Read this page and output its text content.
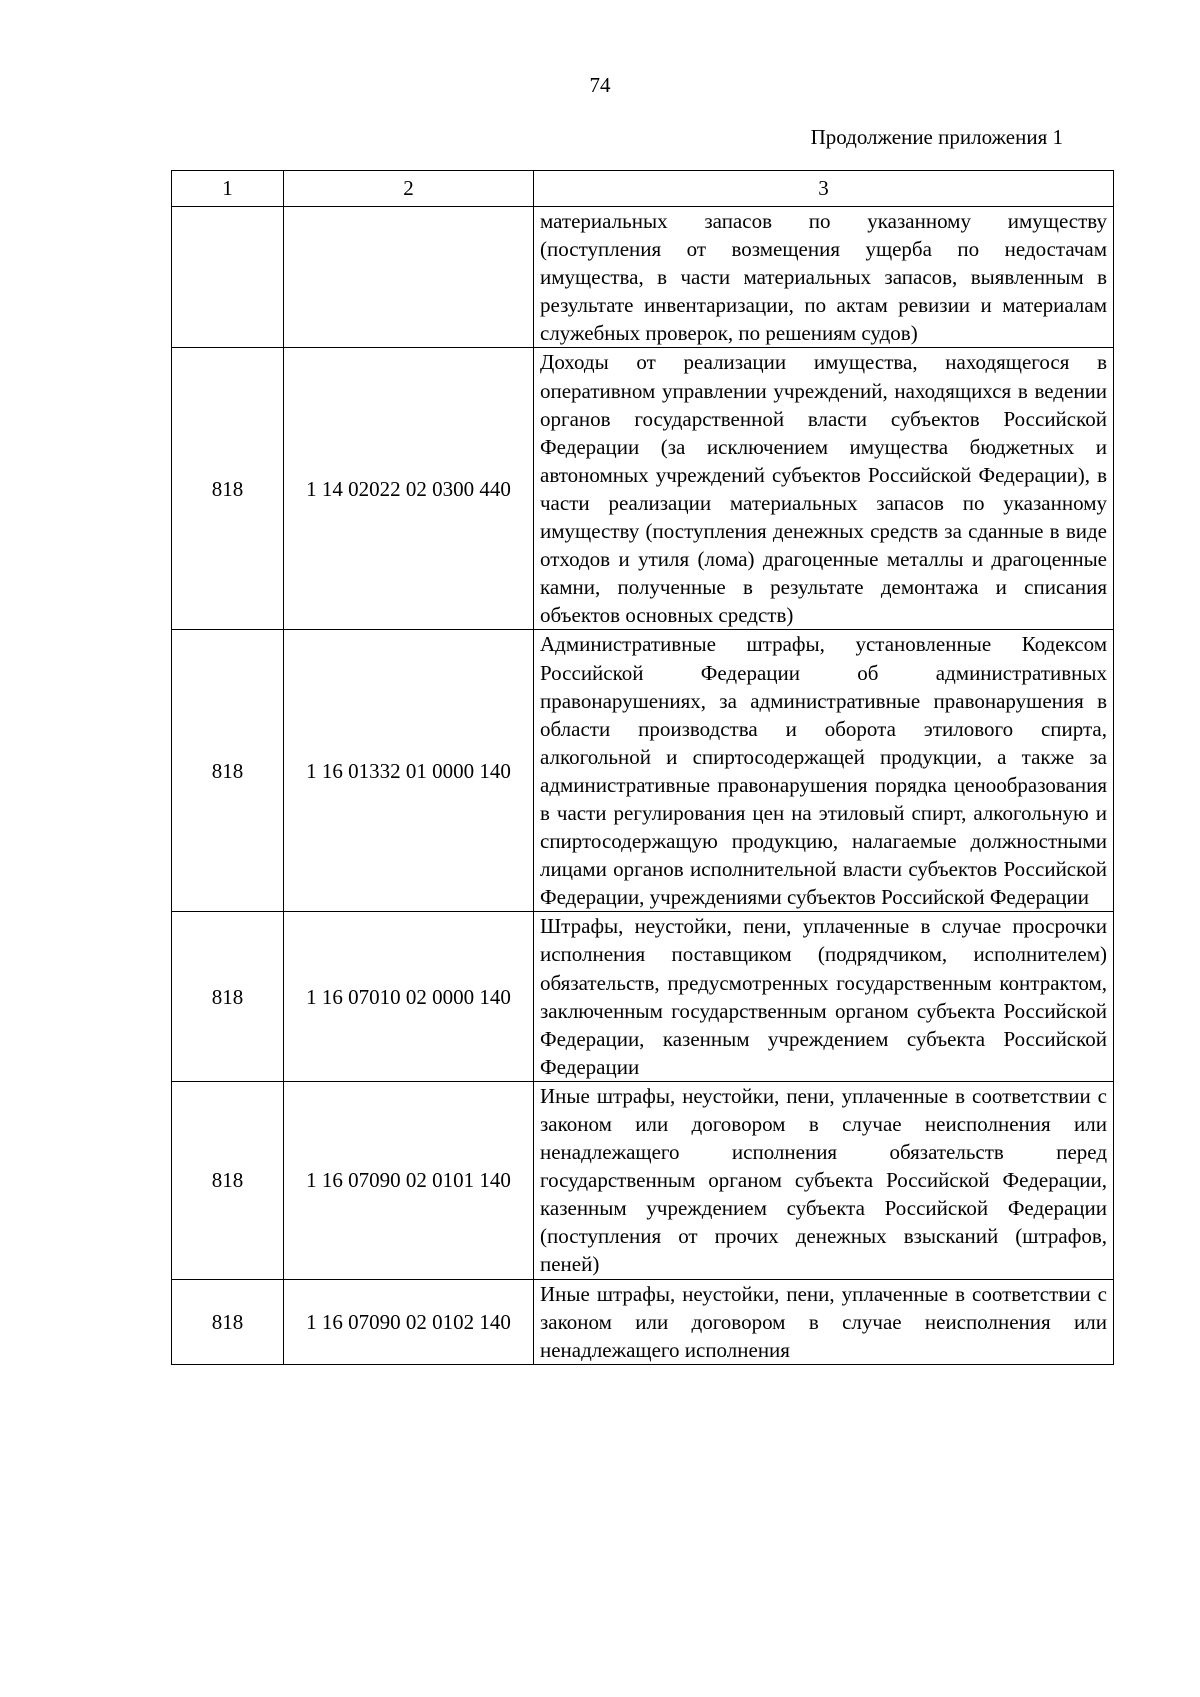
74
Продолжение приложения 1
1	2	3
		материальных запасов по указанному имуществу (поступления от возмещения ущерба по недостачам имущества, в части материальных запасов, выявленным в результате инвентаризации, по актам ревизии и материалам служебных проверок, по решениям судов)
818	1 14 02022 02 0300 440	Доходы от реализации имущества, находящегося в оперативном управлении учреждений, находящихся в ведении органов государственной власти субъектов Российской Федерации (за исключением имущества бюджетных и автономных учреждений субъектов Российской Федерации), в части реализации материальных запасов по указанному имуществу (поступления денежных средств за сданные в виде отходов и утиля (лома) драгоценные металлы и драгоценные камни, полученные в результате демонтажа и списания объектов основных средств)
818	1 16 01332 01 0000 140	Административные штрафы, установленные Кодексом Российской Федерации об административных правонарушениях, за административные правонарушения в области производства и оборота этилового спирта, алкогольной и спиртосодержащей продукции, а также за административные правонарушения порядка ценообразования в части регулирования цен на этиловый спирт, алкогольную и спиртосодержащую продукцию, налагаемые должностными лицами органов исполнительной власти субъектов Российской Федерации, учреждениями субъектов Российской Федерации
818	1 16 07010 02 0000 140	Штрафы, неустойки, пени, уплаченные в случае просрочки исполнения поставщиком (подрядчиком, исполнителем) обязательств, предусмотренных государственным контрактом, заключенным государственным органом субъекта Российской Федерации, казенным учреждением субъекта Российской Федерации
818	1 16 07090 02 0101 140	Иные штрафы, неустойки, пени, уплаченные в соответствии с законом или договором в случае неисполнения или ненадлежащего исполнения обязательств перед государственным органом субъекта Российской Федерации, казенным учреждением субъекта Российской Федерации (поступления от прочих денежных взысканий (штрафов, пеней)
818	1 16 07090 02 0102 140	Иные штрафы, неустойки, пени, уплаченные в соответствии с законом или договором в случае неисполнения или ненадлежащего исполнения
